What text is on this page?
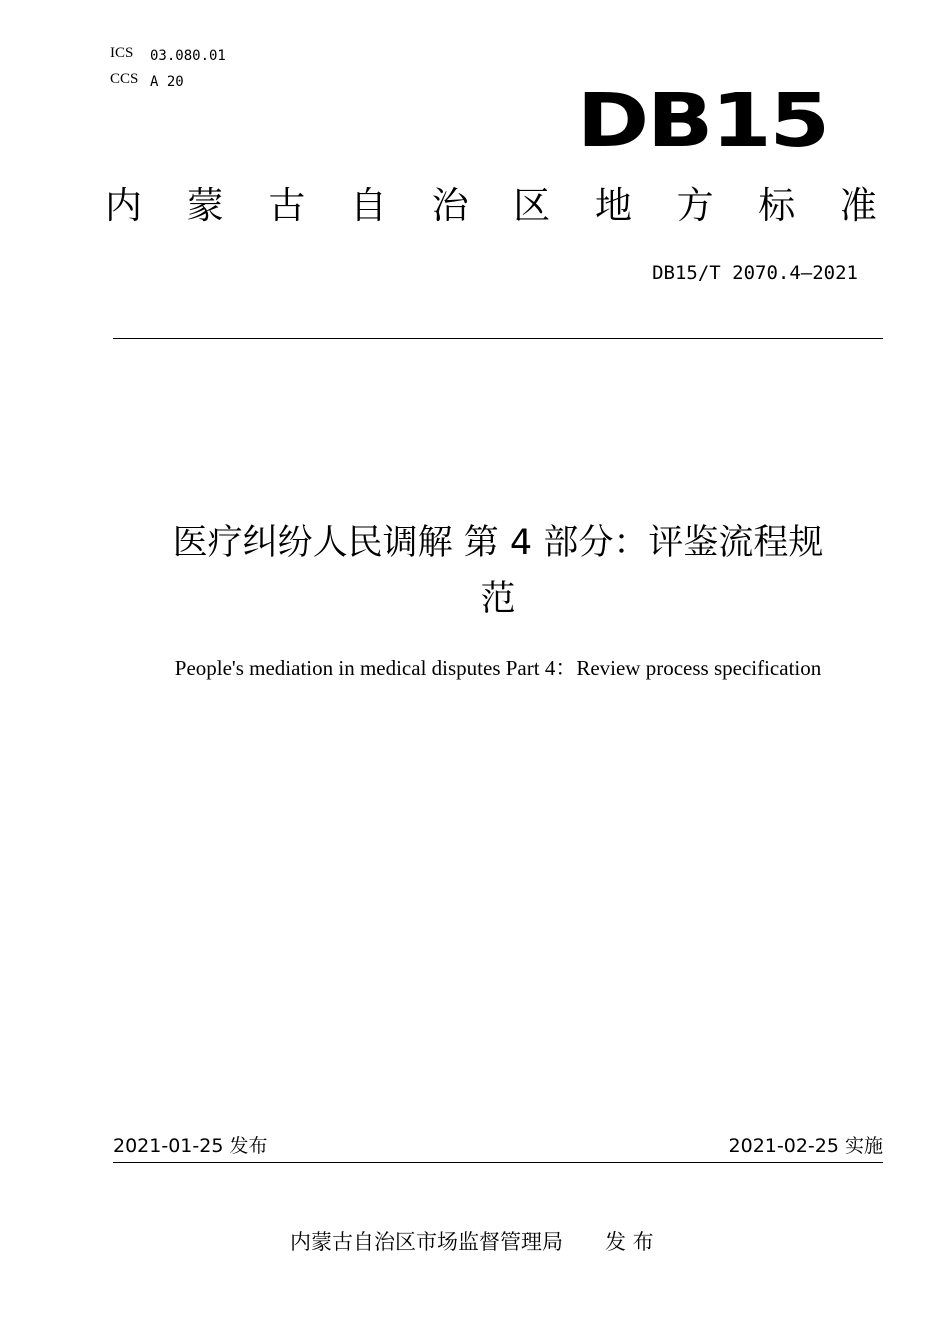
ICS 03.080.01
CCS A 20	DB15
内 蒙 古 自 治 区 地 方 标 准
DB15/T 2070.4—2021
医疗纠纷人民调解 第 4 部分：评鉴流程规
范
People's mediation in medical disputes Part 4：Review process specification
2021-01-25 发布	2021-02-25 实施
内蒙古自治区市场监督管理局 发 布
